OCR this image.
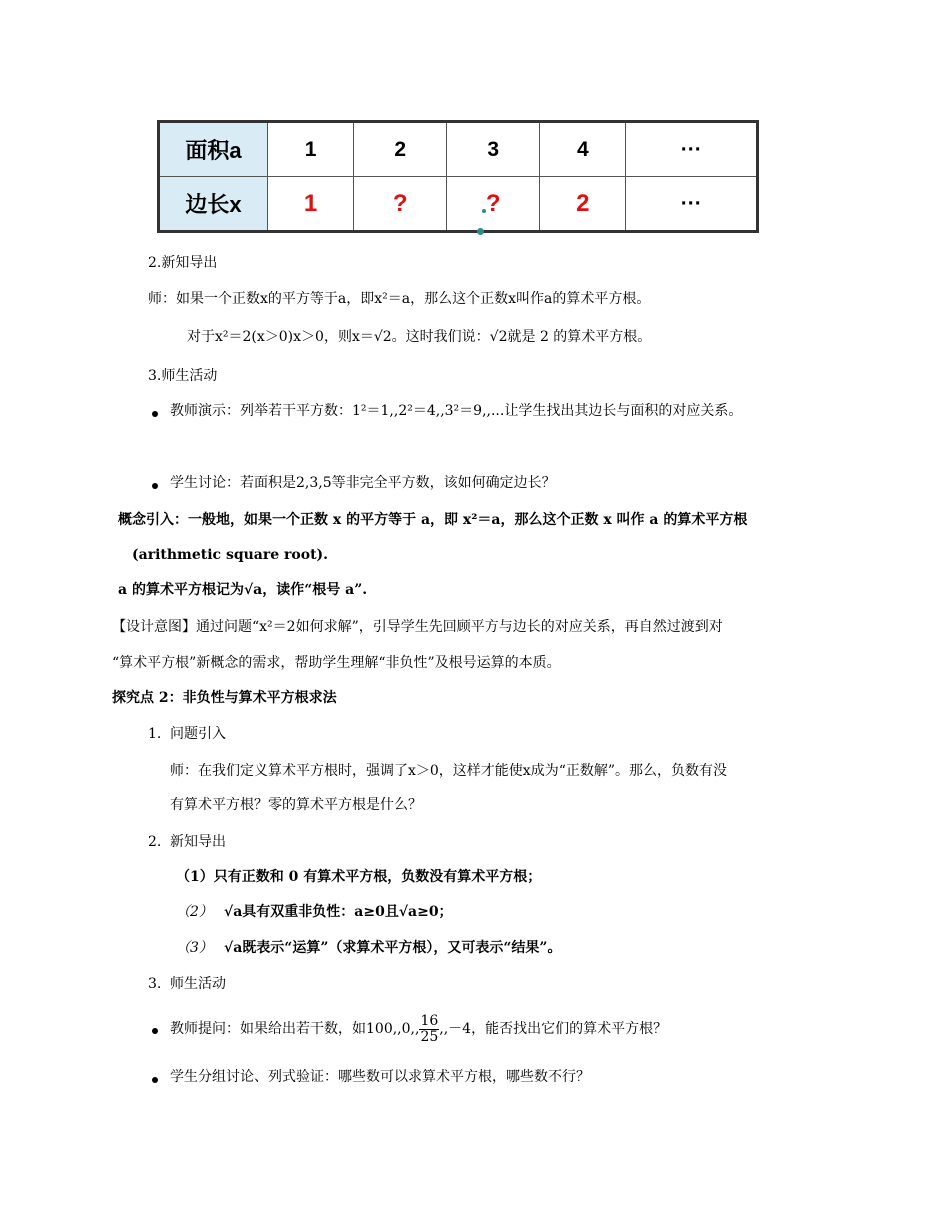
面积a	1	2	3	4	···
边长x	1	?	?	2	···
2.新知导出
师：如果一个正数x的平方等于a，即x²＝a，那么这个正数x叫作a的算术平方根。
对于x²＝2(x＞0)x＞0，则x＝√2。这时我们说：√2就是 2 的算术平方根。
3.师生活动
教师演示：列举若干平方数：1²＝1,,2²＝4,,3²＝9,,...让学生找出其边长与面积的对应关系。
学生讨论：若面积是2,3,5等非完全平方数，该如何确定边长？
概念引入：一般地，如果一个正数 x 的平方等于 a，即 x²＝a，那么这个正数 x 叫作 a 的算术平方根
(arithmetic square root).
a 的算术平方根记为√a，读作“根号 a”.
【设计意图】通过问题“x²＝2如何求解”，引导学生先回顾平方与边长的对应关系，再自然过渡到对
“算术平方根”新概念的需求，帮助学生理解“非负性”及根号运算的本质。
探究点 2：非负性与算术平方根求法
1. 问题引入
师：在我们定义算术平方根时，强调了x＞0，这样才能使x成为“正数解”。那么，负数有没
有算术平方根？零的算术平方根是什么？
2. 新知导出
（1）只有正数和 0 有算术平方根，负数没有算术平方根；
（2） √a具有双重非负性：a≥0且√a≥0；
（3） √a既表示“运算”（求算术平方根），又可表示“结果”。
3. 师生活动
教师提问：如果给出若干数，如100,,0,, $\frac{16}{25} ,,-4$，能否找出它们的算术平方根？
学生分组讨论、列式验证：哪些数可以求算术平方根，哪些数不行？
